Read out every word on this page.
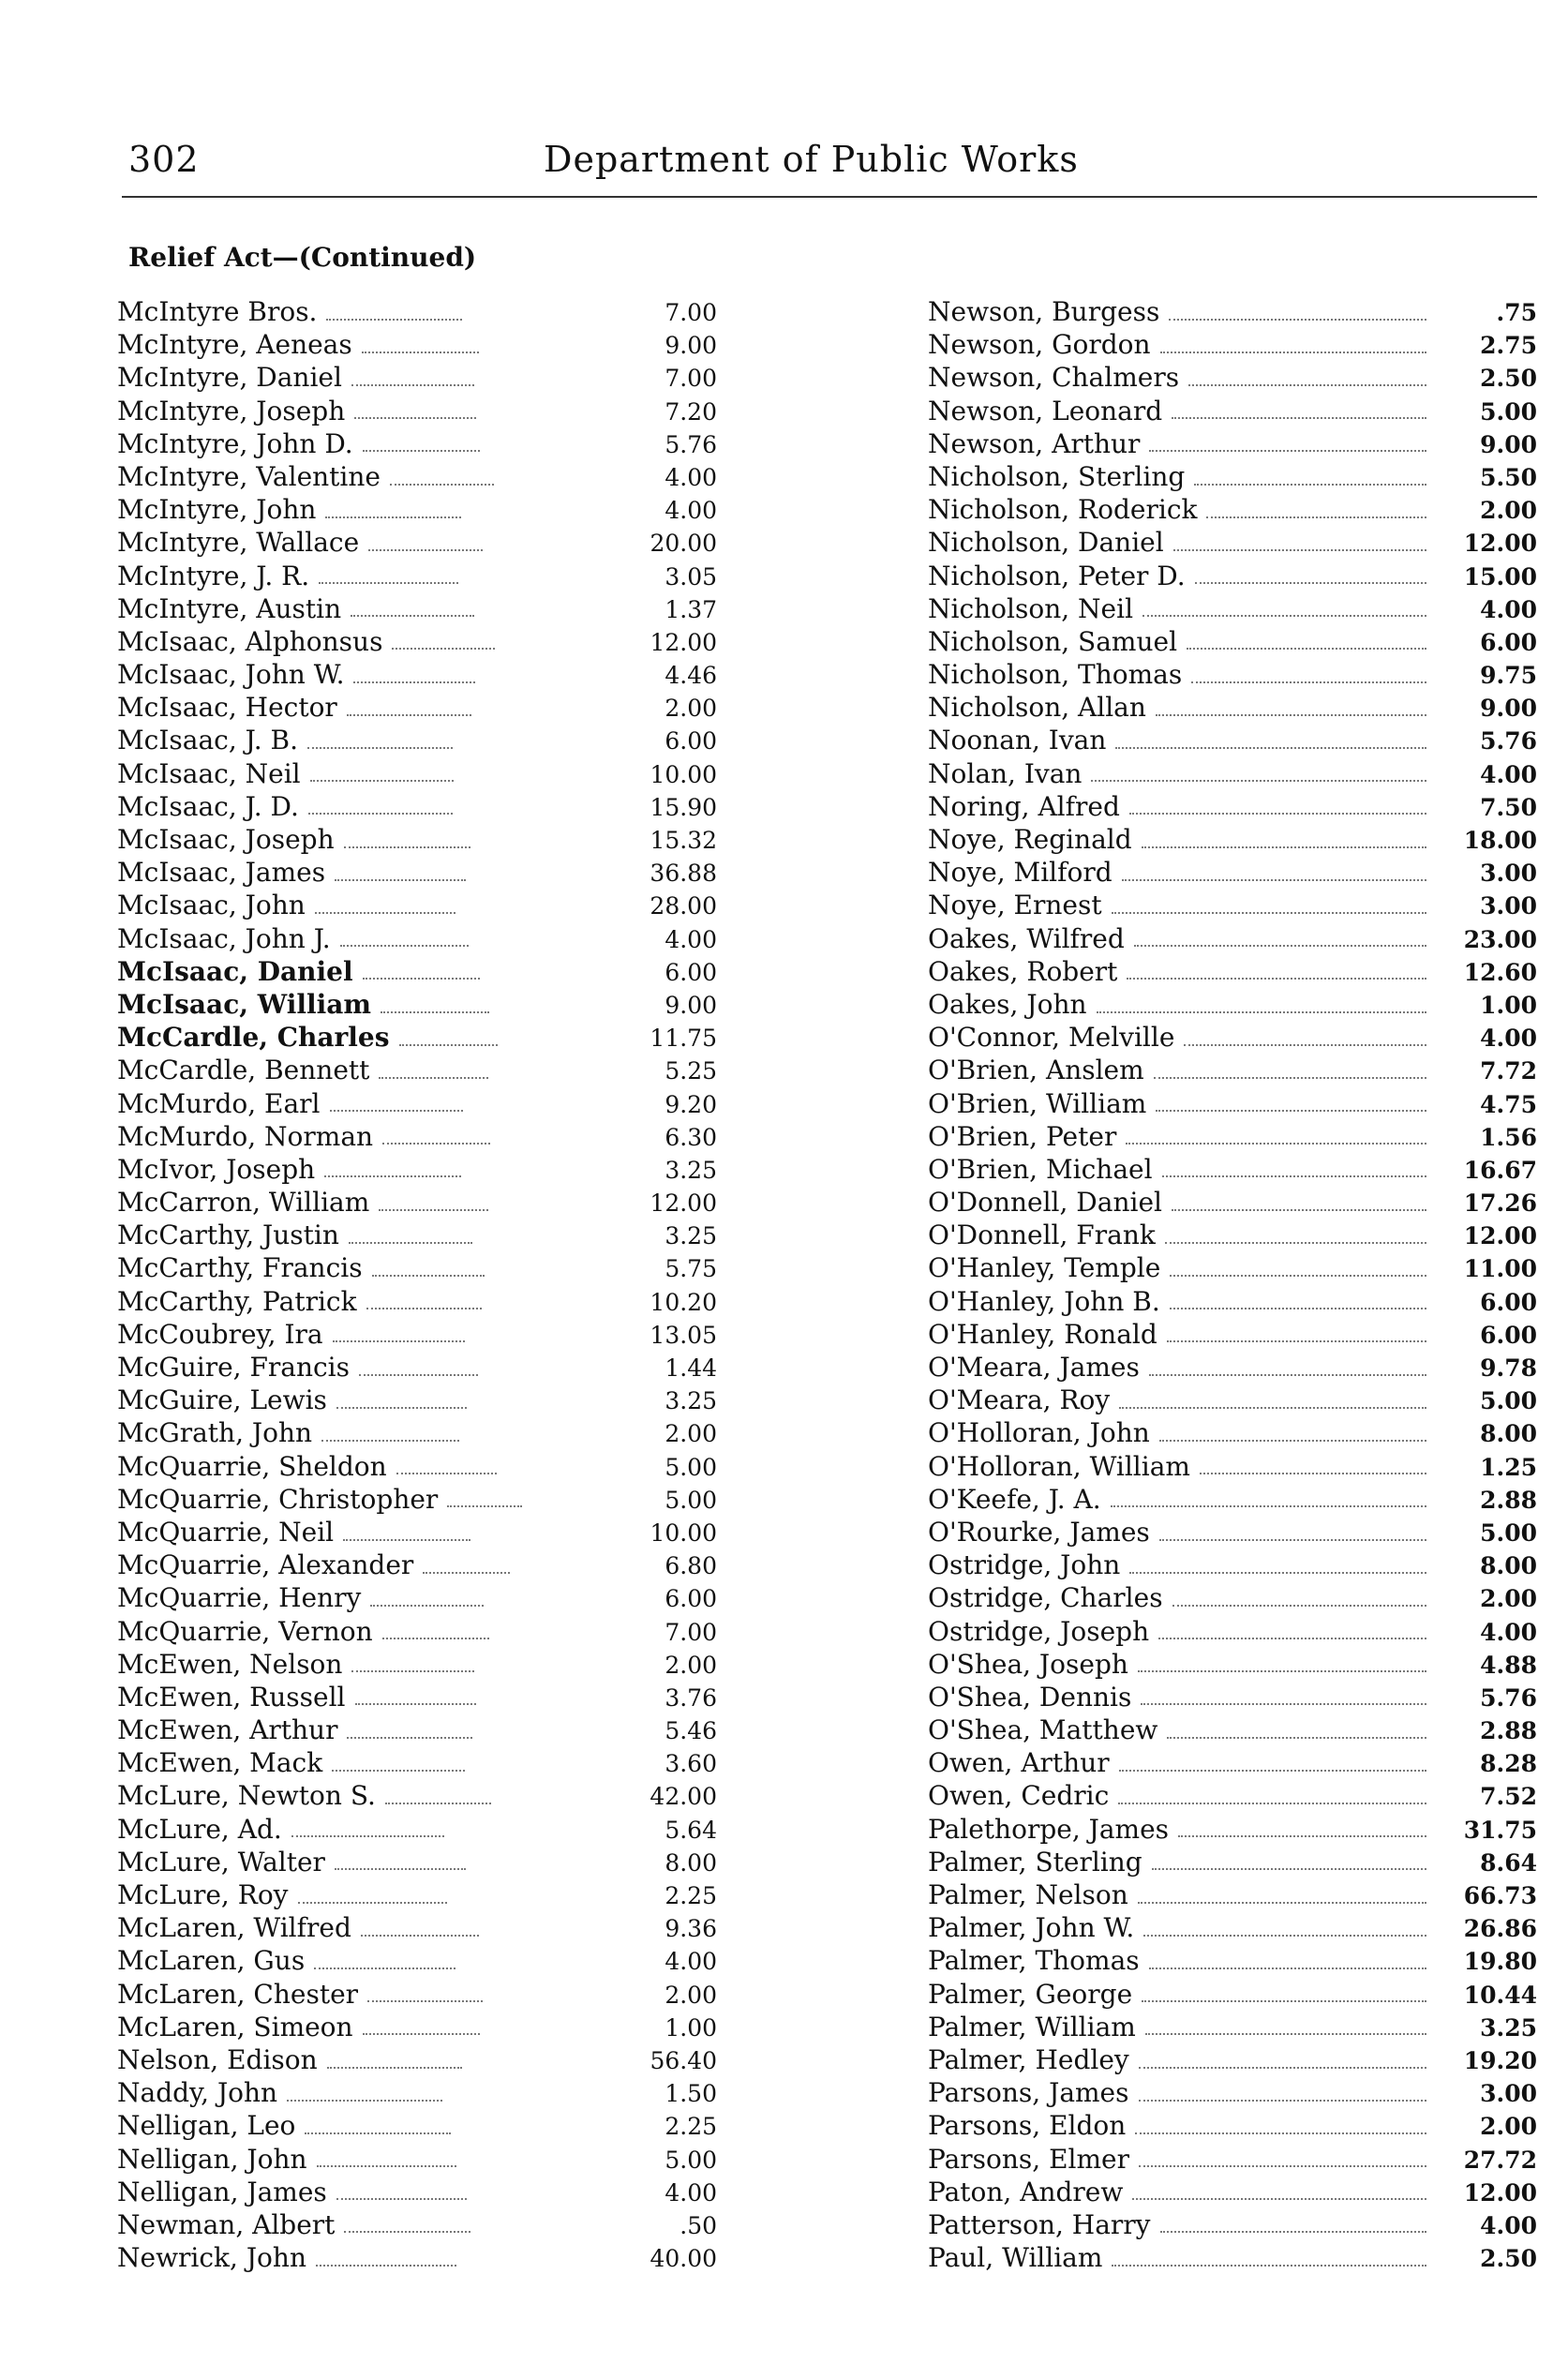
302	Department of Public Works
Relief Act—(Continued)
McIntyre Bros.	7.00
McIntyre, Aeneas	9.00
McIntyre, Daniel	7.00
McIntyre, Joseph	7.20
McIntyre, John D.	5.76
McIntyre, Valentine	4.00
McIntyre, John	4.00
McIntyre, Wallace	20.00
McIntyre, J. R.	3.05
McIntyre, Austin	1.37
McIsaac, Alphonsus	12.00
McIsaac, John W.	4.46
McIsaac, Hector	2.00
McIsaac, J. B.	6.00
McIsaac, Neil	10.00
McIsaac, J. D.	15.90
McIsaac, Joseph	15.32
McIsaac, James	36.88
McIsaac, John	28.00
McIsaac, John J.	4.00
McIsaac, Daniel	6.00
McIsaac, William	9.00
McCardle, Charles	11.75
McCardle, Bennett	5.25
McMurdo, Earl	9.20
McMurdo, Norman	6.30
McIvor, Joseph	3.25
McCarron, William	12.00
McCarthy, Justin	3.25
McCarthy, Francis	5.75
McCarthy, Patrick	10.20
McCoubrey, Ira	13.05
McGuire, Francis	1.44
McGuire, Lewis	3.25
McGrath, John	2.00
McQuarrie, Sheldon	5.00
McQuarrie, Christopher	5.00
McQuarrie, Neil	10.00
McQuarrie, Alexander	6.80
McQuarrie, Henry	6.00
McQuarrie, Vernon	7.00
McEwen, Nelson	2.00
McEwen, Russell	3.76
McEwen, Arthur	5.46
McEwen, Mack	3.60
McLure, Newton S.	42.00
McLure, Ad.	5.64
McLure, Walter	8.00
McLure, Roy	2.25
McLaren, Wilfred	9.36
McLaren, Gus	4.00
McLaren, Chester	2.00
McLaren, Simeon	1.00
Nelson, Edison	56.40
Naddy, John	1.50
Nelligan, Leo	2.25
Nelligan, John	5.00
Nelligan, James	4.00
Newman, Albert	.50
Newrick, John	40.00
Newson, Burgess	.75
Newson, Gordon	2.75
Newson, Chalmers	2.50
Newson, Leonard	5.00
Newson, Arthur	9.00
Nicholson, Sterling	5.50
Nicholson, Roderick	2.00
Nicholson, Daniel	12.00
Nicholson, Peter D.	15.00
Nicholson, Neil	4.00
Nicholson, Samuel	6.00
Nicholson, Thomas	9.75
Nicholson, Allan	9.00
Noonan, Ivan	5.76
Nolan, Ivan	4.00
Noring, Alfred	7.50
Noye, Reginald	18.00
Noye, Milford	3.00
Noye, Ernest	3.00
Oakes, Wilfred	23.00
Oakes, Robert	12.60
Oakes, John	1.00
O'Connor, Melville	4.00
O'Brien, Anslem	7.72
O'Brien, William	4.75
O'Brien, Peter	1.56
O'Brien, Michael	16.67
O'Donnell, Daniel	17.26
O'Donnell, Frank	12.00
O'Hanley, Temple	11.00
O'Hanley, John B.	6.00
O'Hanley, Ronald	6.00
O'Meara, James	9.78
O'Meara, Roy	5.00
O'Holloran, John	8.00
O'Holloran, William	1.25
O'Keefe, J. A.	2.88
O'Rourke, James	5.00
Ostridge, John	8.00
Ostridge, Charles	2.00
Ostridge, Joseph	4.00
O'Shea, Joseph	4.88
O'Shea, Dennis	5.76
O'Shea, Matthew	2.88
Owen, Arthur	8.28
Owen, Cedric	7.52
Palethorpe, James	31.75
Palmer, Sterling	8.64
Palmer, Nelson	66.73
Palmer, John W.	26.86
Palmer, Thomas	19.80
Palmer, George	10.44
Palmer, William	3.25
Palmer, Hedley	19.20
Parsons, James	3.00
Parsons, Eldon	2.00
Parsons, Elmer	27.72
Paton, Andrew	12.00
Patterson, Harry	4.00
Paul, William	2.50
